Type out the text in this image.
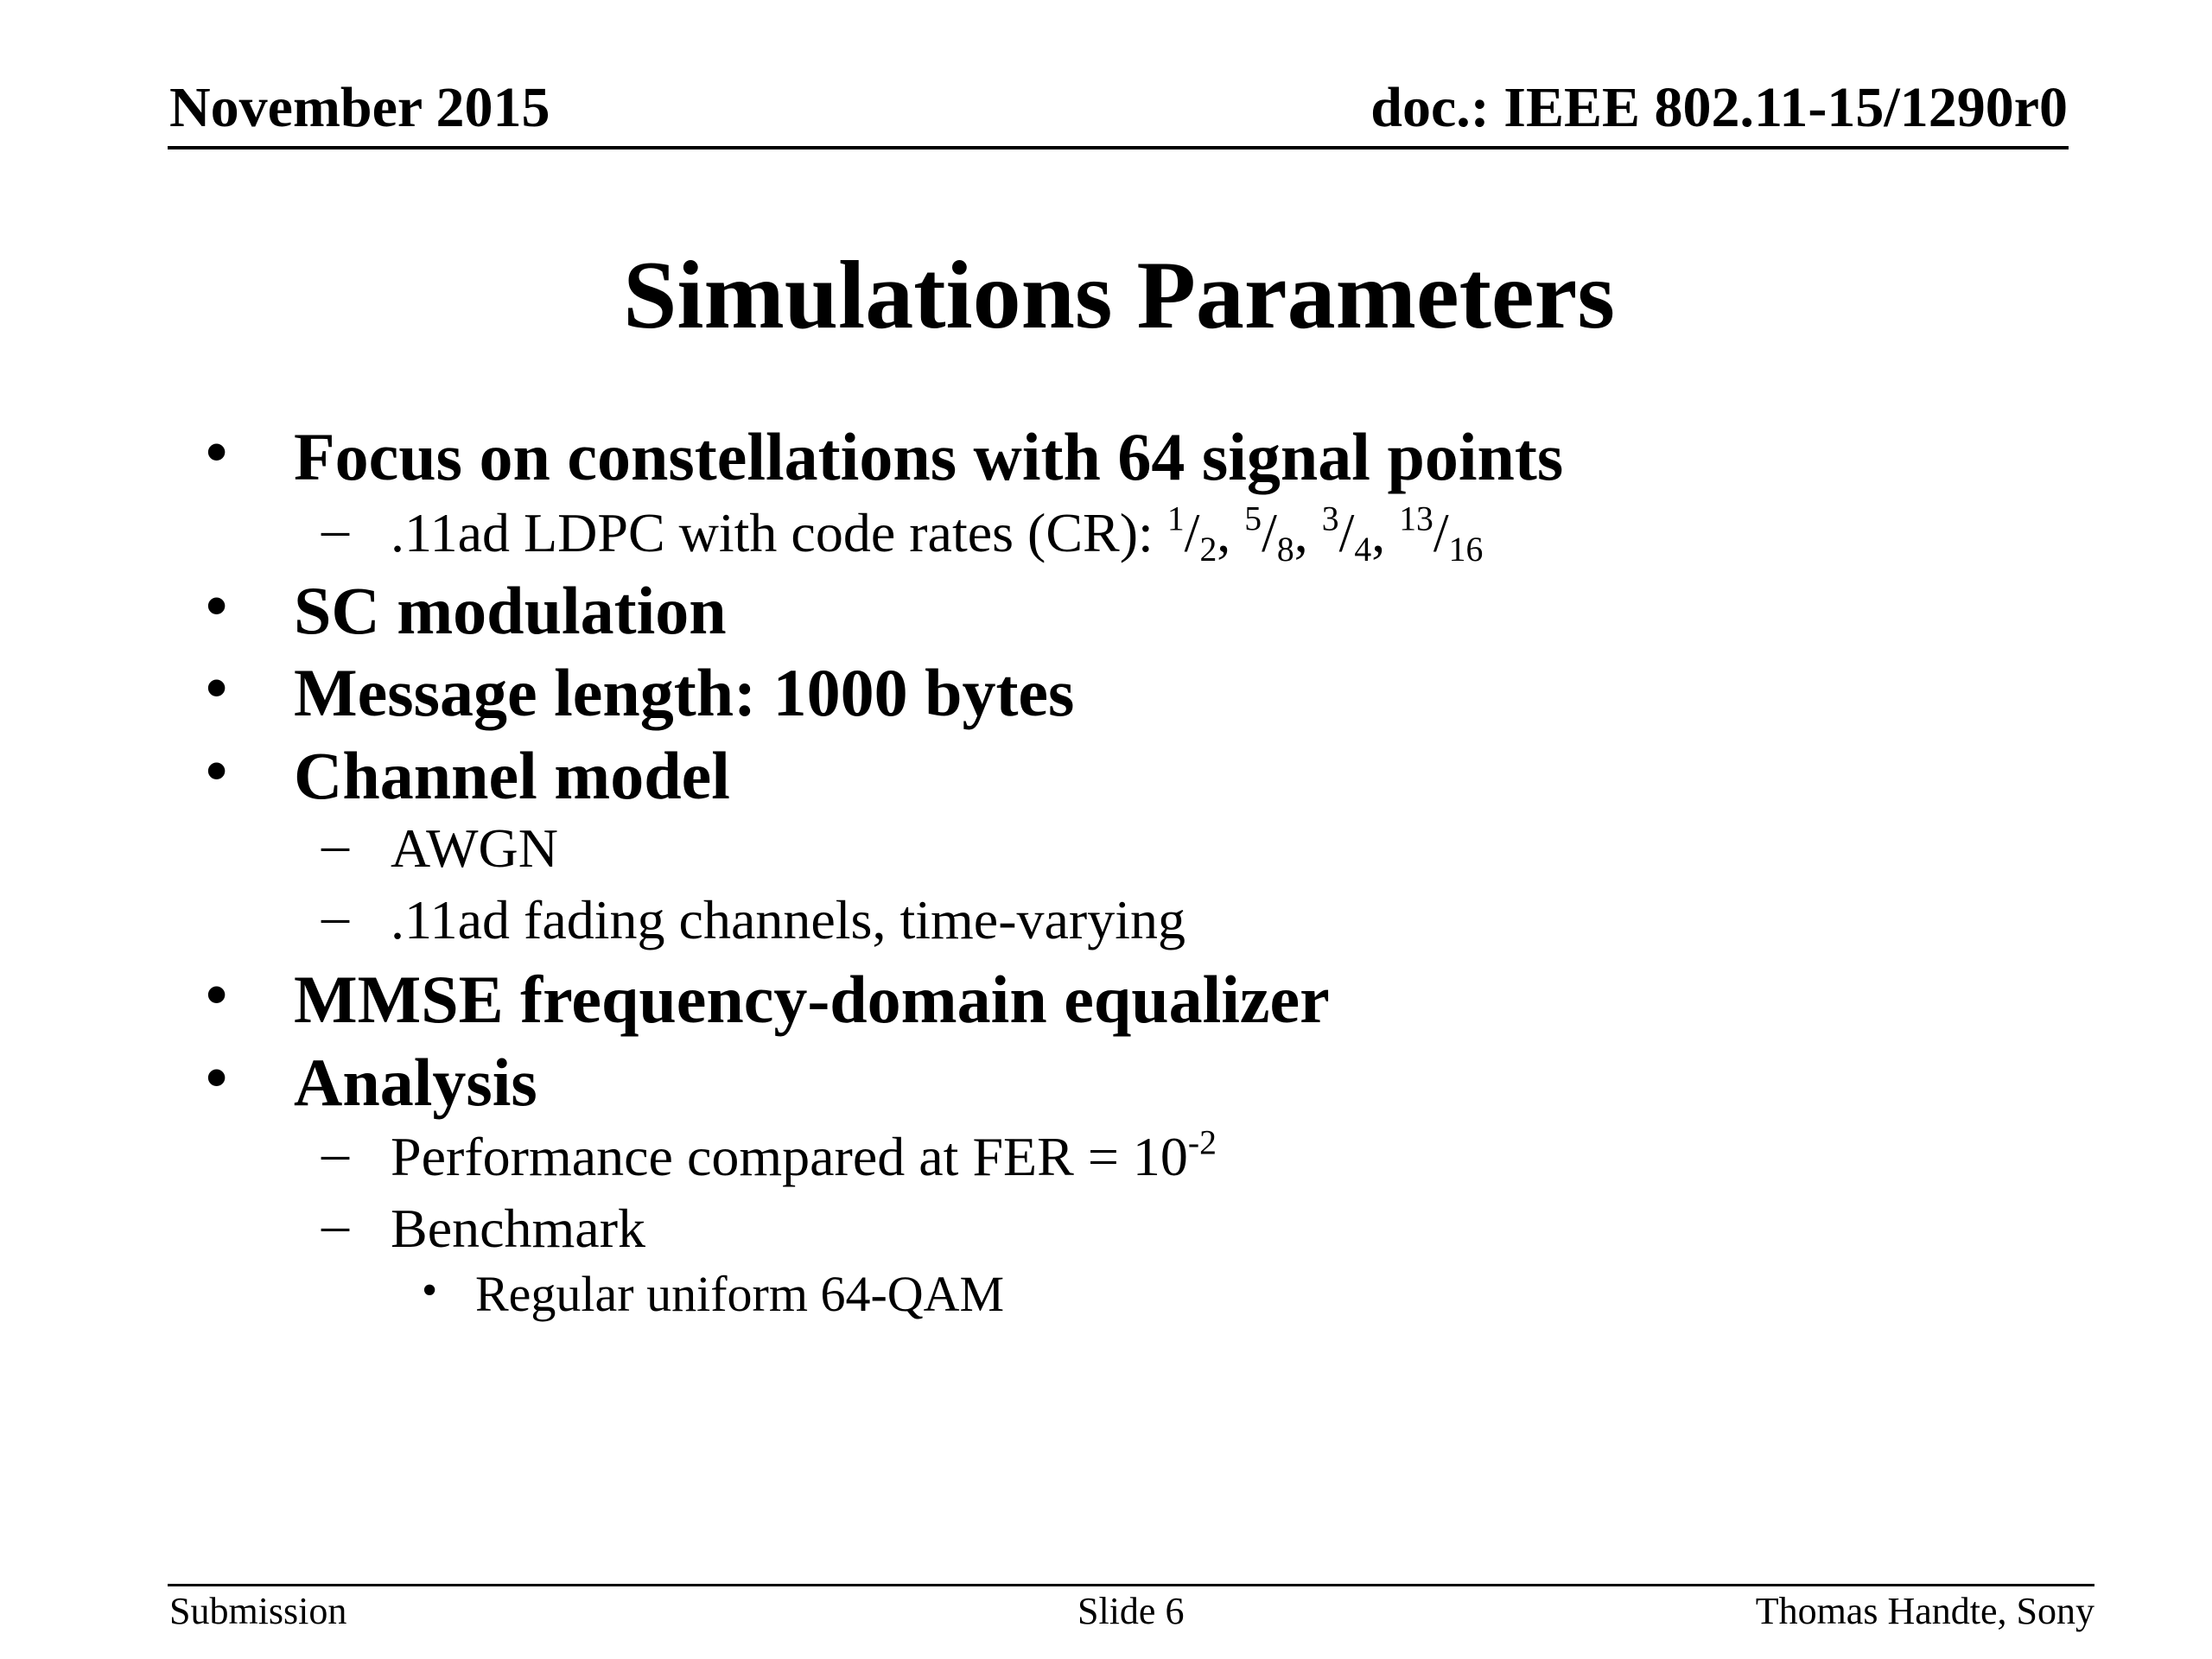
November 2015	doc.: IEEE 802.11-15/1290r0
Simulations Parameters
• Focus on constellations with 64 signal points
– .11ad LDPC with code rates (CR): $^1/_2$, $^5/_8$, $^3/_4$, $^{13}/_{16}$
• SC modulation
• Message length: 1000 bytes
• Channel model
– AWGN
– .11ad fading channels, time-varying
• MMSE frequency-domain equalizer
• Analysis
– Performance compared at FER = $10^{-2}$
– Benchmark
• Regular uniform 64-QAM
Submission	Slide 6	Thomas Handte, Sony
